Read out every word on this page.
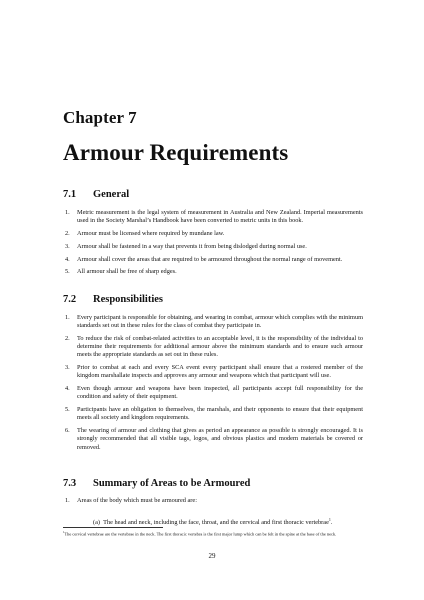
Chapter 7
Armour Requirements
7.1 General
1. Metric measurement is the legal system of measurement in Australia and New Zealand. Imperial measurements used in the Society Marshal’s Handbook have been converted to metric units in this book.
2. Armour must be licensed where required by mundane law.
3. Armour shall be fastened in a way that prevents it from being dislodged during normal use.
4. Armour shall cover the areas that are required to be armoured throughout the normal range of movement.
5. All armour shall be free of sharp edges.
7.2 Responsibilities
1. Every participant is responsible for obtaining, and wearing in combat, armour which complies with the minimum standards set out in these rules for the class of combat they participate in.
2. To reduce the risk of combat-related activities to an acceptable level, it is the responsibility of the individual to determine their requirements for additional armour above the minimum standards and to ensure such armour meets the appropriate standards as set out in these rules.
3. Prior to combat at each and every SCA event every participant shall ensure that a rostered member of the kingdom marshallate inspects and approves any armour and weapons which that participant will use.
4. Even though armour and weapons have been inspected, all participants accept full responsibility for the condition and safety of their equipment.
5. Participants have an obligation to themselves, the marshals, and their opponents to ensure that their equipment meets all society and kingdom requirements.
6. The wearing of armour and clothing that gives as period an appearance as possible is strongly encouraged. It is strongly recommended that all visible tags, logos, and obvious plastics and modern materials be covered or removed.
7.3 Summary of Areas to be Armoured
1. Areas of the body which must be armoured are:
(a) The head and neck, including the face, throat, and the cervical and first thoracic vertebrae$^1$.
$^1$The cervical vertebrae are the vertebrae in the neck. The first thoracic vertebra is the first major lump which can be felt in the spine at the base of the neck.
29
